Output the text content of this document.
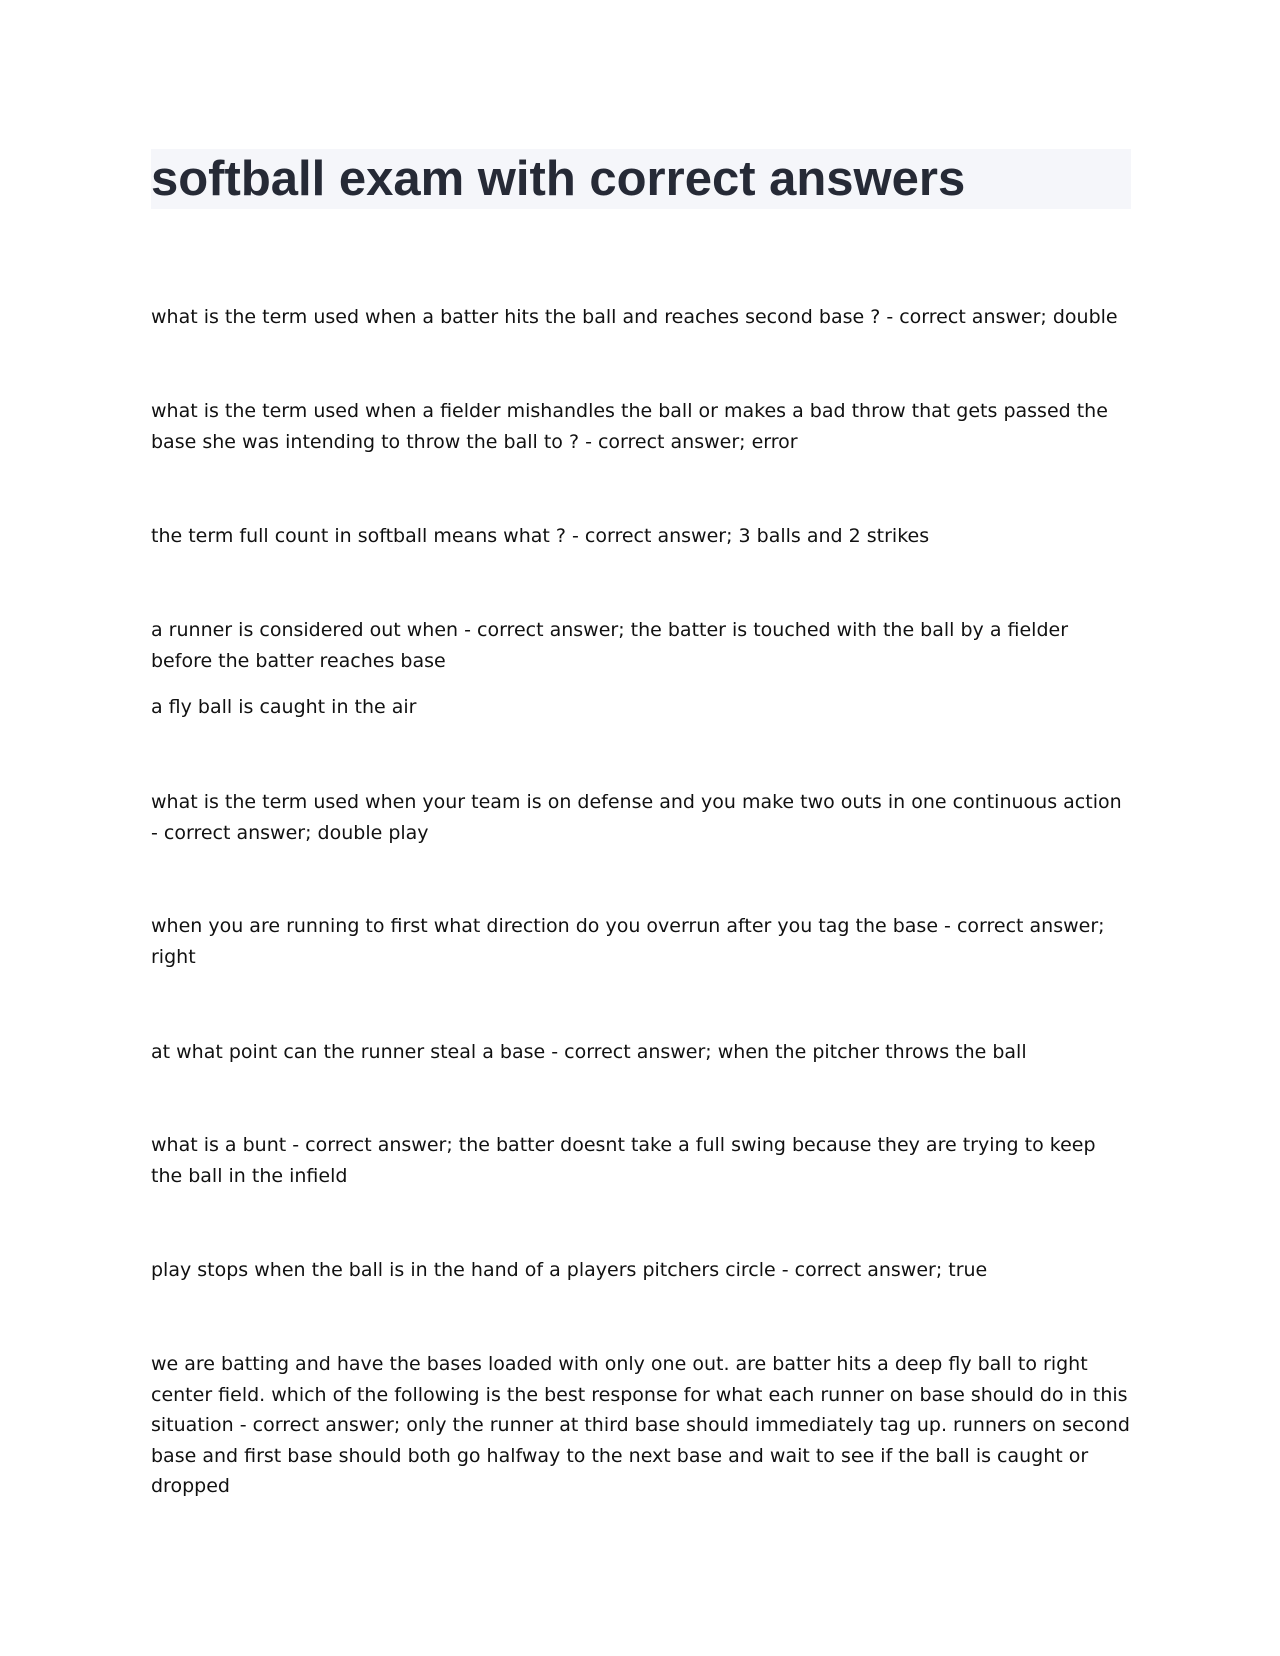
softball exam with correct answers

what is the term used when a batter hits the ball and reaches second base ? - correct answer; double

what is the term used when a fielder mishandles the ball or makes a bad throw that gets passed the base she was intending to throw the ball to ? - correct answer; error

the term full count in softball means what ? - correct answer; 3 balls and 2 strikes

a runner is considered out when - correct answer; the batter is touched with the ball by a fielder before the batter reaches base

a fly ball is caught in the air

what is the term used when your team is on defense and you make two outs in one continuous action - correct answer; double play

when you are running to first what direction do you overrun after you tag the base - correct answer; right

at what point can the runner steal a base - correct answer; when the pitcher throws the ball

what is a bunt - correct answer; the batter doesnt take a full swing because they are trying to keep the ball in the infield

play stops when the ball is in the hand of a players pitchers circle - correct answer; true

we are batting and have the bases loaded with only one out. are batter hits a deep fly ball to right center field. which of the following is the best response for what each runner on base should do in this situation - correct answer; only the runner at third base should immediately tag up. runners on second base and first base should both go halfway to the next base and wait to see if the ball is caught or dropped
